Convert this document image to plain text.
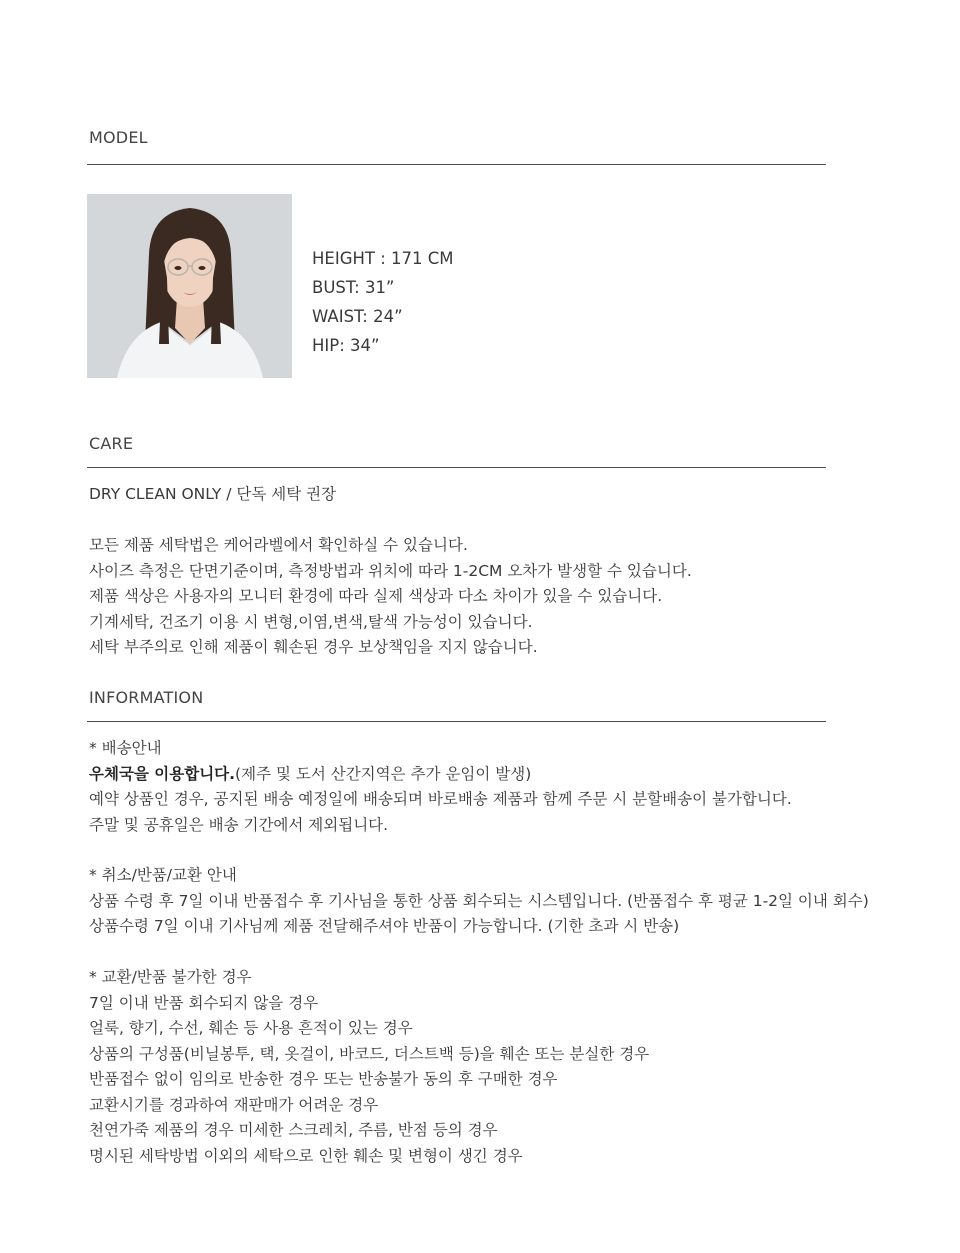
MODEL
HEIGHT : 171 CM
BUST: 31”
WAIST: 24”
HIP: 34”
CARE
DRY CLEAN ONLY / 단독 세탁 권장
모든 제품 세탁법은 케어라벨에서 확인하실 수 있습니다.
사이즈 측정은 단면기준이며, 측정방법과 위치에 따라 1-2CM 오차가 발생할 수 있습니다.
제품 색상은 사용자의 모니터 환경에 따라 실제 색상과 다소 차이가 있을 수 있습니다.
기계세탁, 건조기 이용 시 변형,이염,변색,탈색 가능성이 있습니다.
세탁 부주의로 인해 제품이 훼손된 경우 보상책임을 지지 않습니다.
INFORMATION
* 배송안내
우체국을 이용합니다.(제주 및 도서 산간지역은 추가 운임이 발생)
예약 상품인 경우, 공지된 배송 예정일에 배송되며 바로배송 제품과 함께 주문 시 분할배송이 불가합니다.
주말 및 공휴일은 배송 기간에서 제외됩니다.
* 취소/반품/교환 안내
상품 수령 후 7일 이내 반품접수 후 기사님을 통한 상품 회수되는 시스템입니다. (반품접수 후 평균 1-2일 이내 회수)
상품수령 7일 이내 기사님께 제품 전달해주셔야 반품이 가능합니다. (기한 초과 시 반송)
* 교환/반품 불가한 경우
7일 이내 반품 회수되지 않을 경우
얼룩, 향기, 수선, 훼손 등 사용 흔적이 있는 경우
상품의 구성품(비닐봉투, 택, 옷걸이, 바코드, 더스트백 등)을 훼손 또는 분실한 경우
반품접수 없이 임의로 반송한 경우 또는 반송불가 동의 후 구매한 경우
교환시기를 경과하여 재판매가 어려운 경우
천연가죽 제품의 경우 미세한 스크레치, 주름, 반점 등의 경우
명시된 세탁방법 이외의 세탁으로 인한 훼손 및 변형이 생긴 경우
